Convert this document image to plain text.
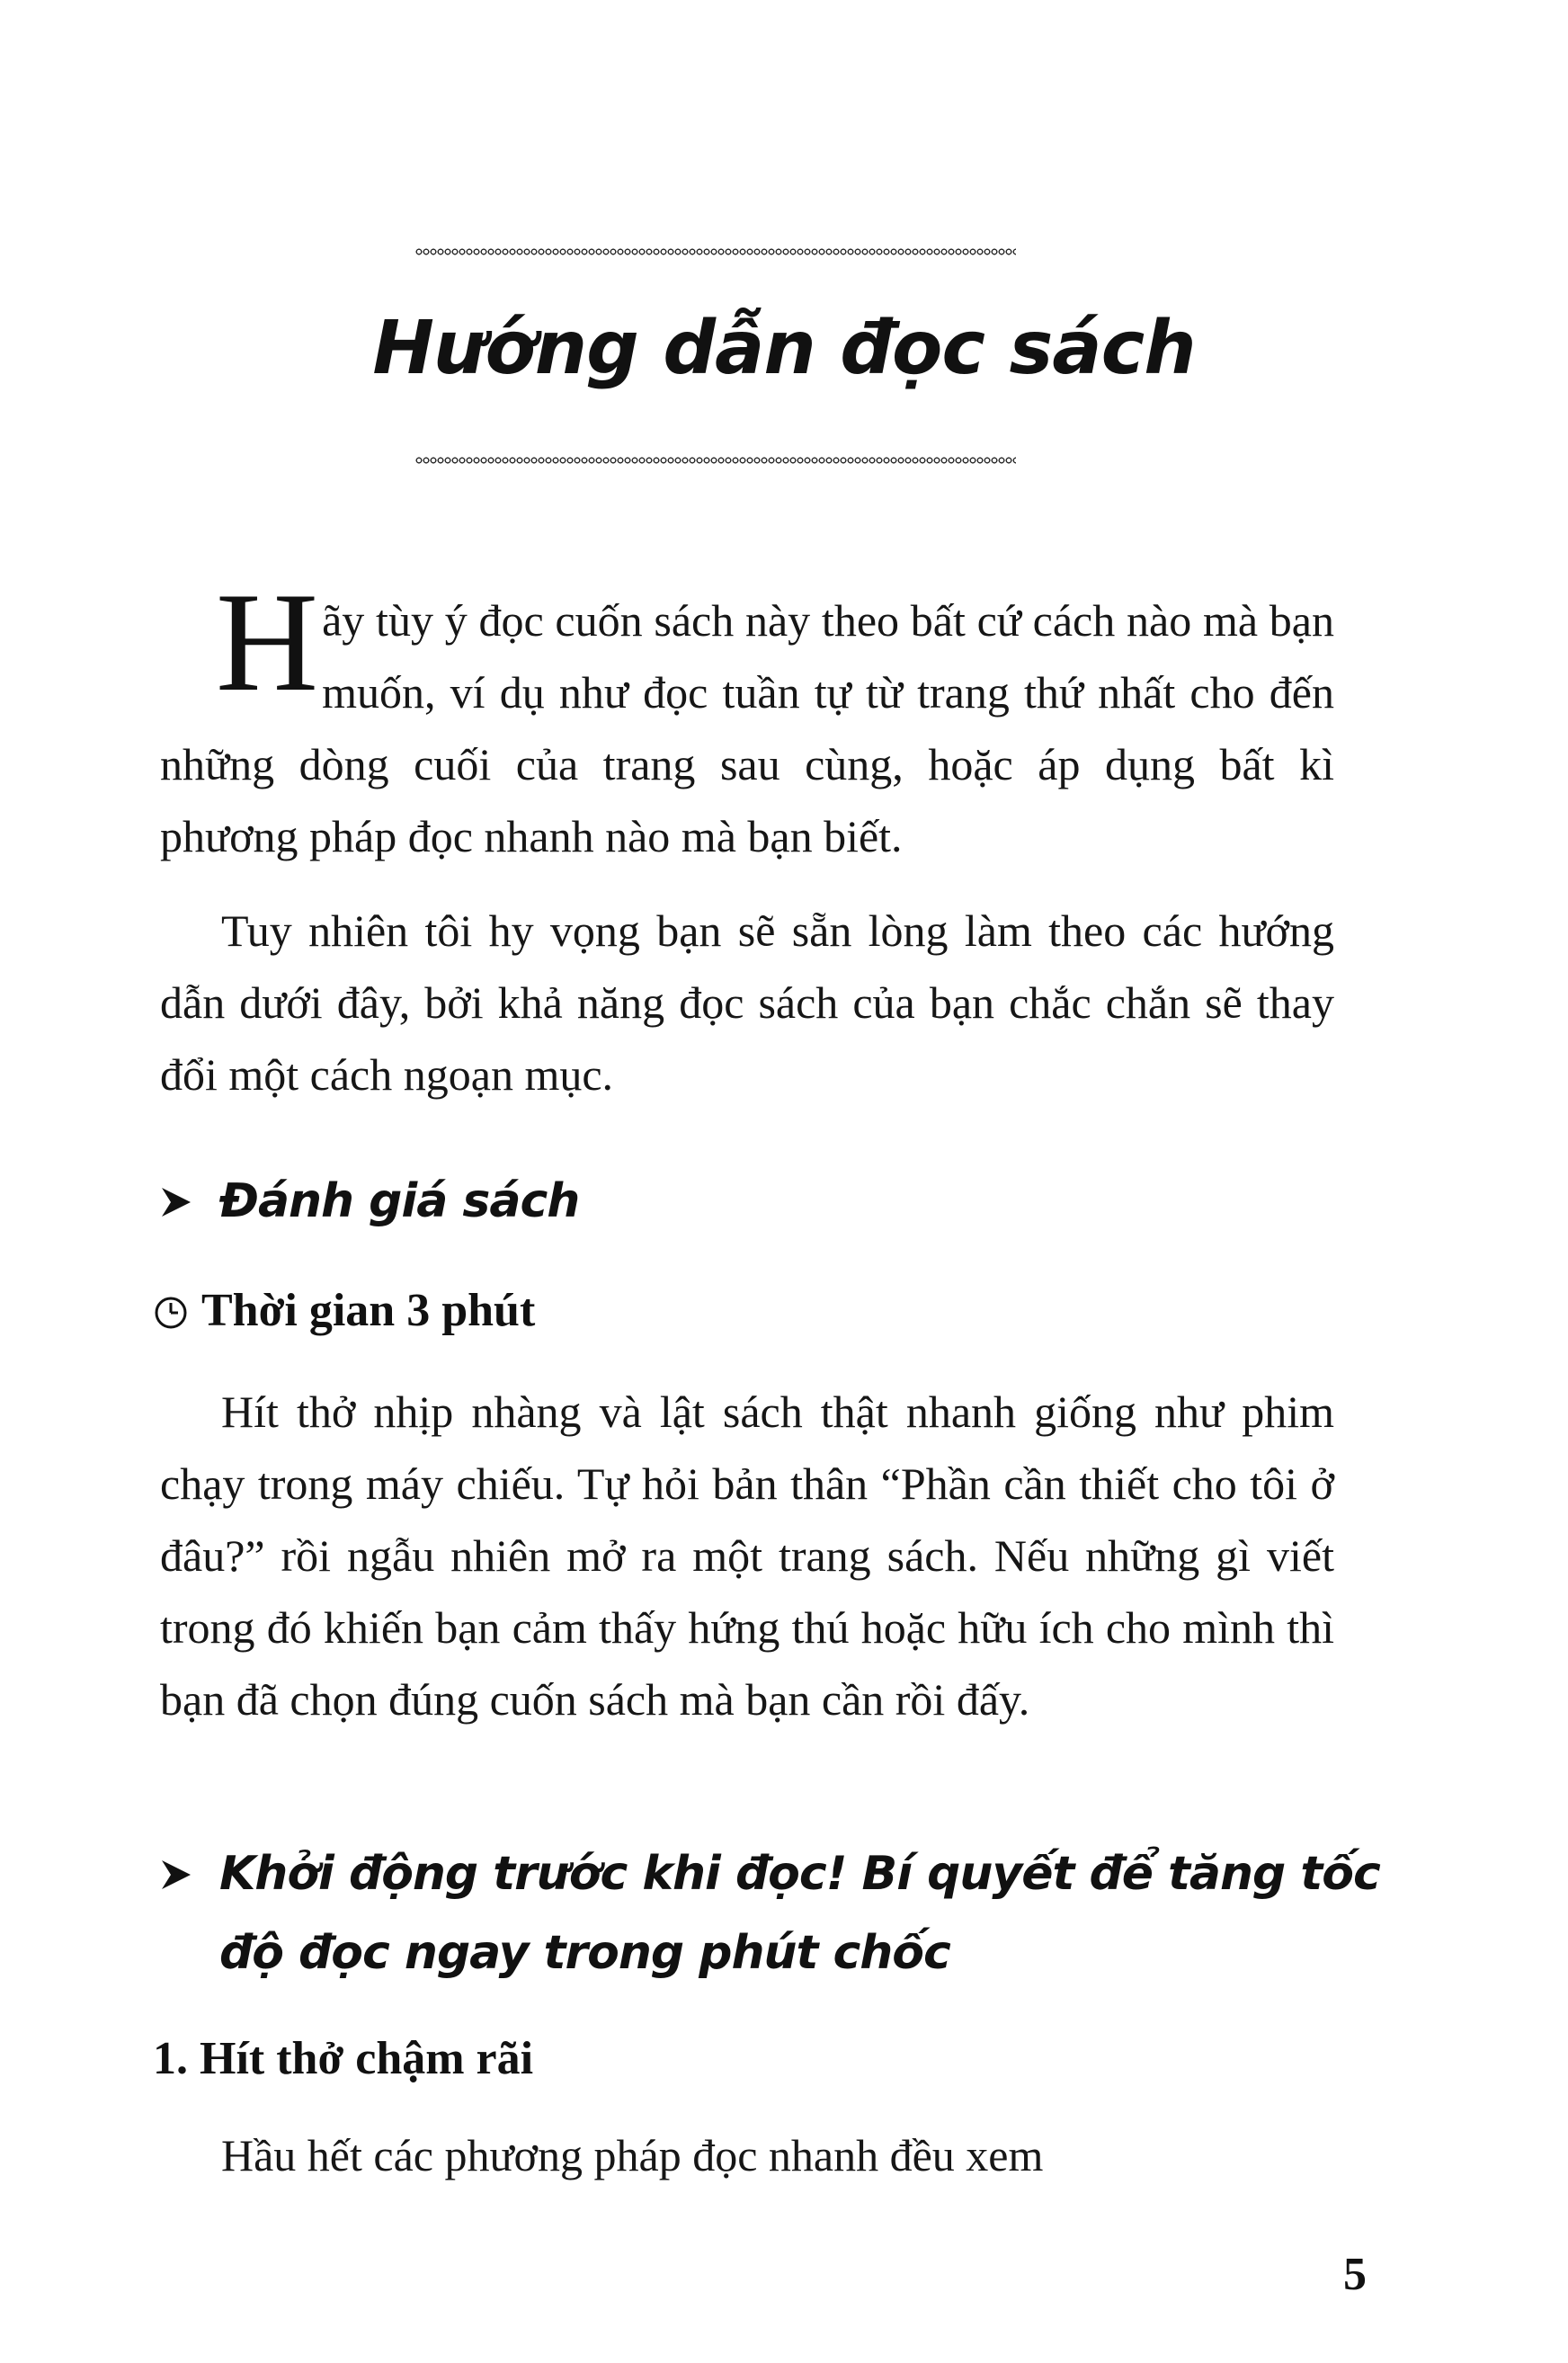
Hướng dẫn đọc sách

Hãy tùy ý đọc cuốn sách này theo bất cứ cách nào mà bạn muốn, ví dụ như đọc tuần tự từ trang thứ nhất cho đến những dòng cuối của trang sau cùng, hoặc áp dụng bất kì phương pháp đọc nhanh nào mà bạn biết.

Tuy nhiên tôi hy vọng bạn sẽ sẵn lòng làm theo các hướng dẫn dưới đây, bởi khả năng đọc sách của bạn chắc chắn sẽ thay đổi một cách ngoạn mục.

Đánh giá sách
Thời gian 3 phút

Hít thở nhịp nhàng và lật sách thật nhanh giống như phim chạy trong máy chiếu. Tự hỏi bản thân “Phần cần thiết cho tôi ở đâu?” rồi ngẫu nhiên mở ra một trang sách. Nếu những gì viết trong đó khiến bạn cảm thấy hứng thú hoặc hữu ích cho mình thì bạn đã chọn đúng cuốn sách mà bạn cần rồi đấy.

Khởi động trước khi đọc! Bí quyết để tăng tốc độ đọc ngay trong phút chốc
1. Hít thở chậm rãi

Hầu hết các phương pháp đọc nhanh đều xem

5
